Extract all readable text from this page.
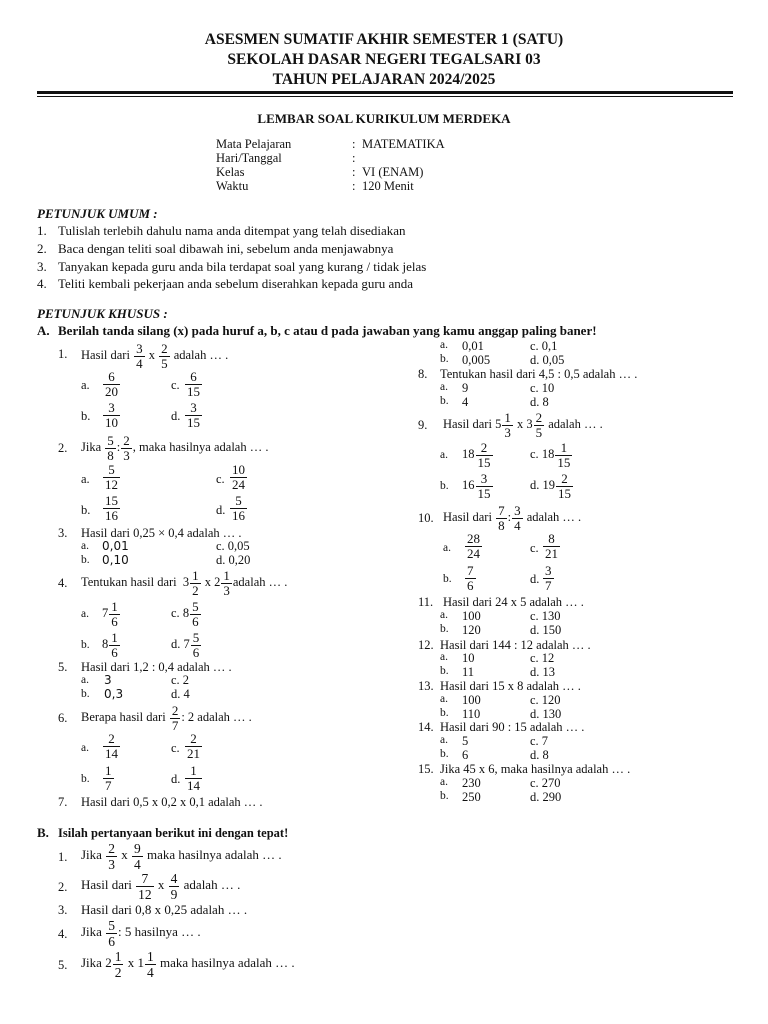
ASESMEN SUMATIF AKHIR SEMESTER 1 (SATU)
SEKOLAH DASAR NEGERI TEGALSARI 03
TAHUN PELAJARAN 2024/2025
LEMBAR SOAL KURIKULUM MERDEKA
Mata Pelajaran	: MATEMATIKA
Hari/Tanggal	:
Kelas	: VI (ENAM)
Waktu	: 120 Menit
PETUNJUK UMUM :
1. Tulislah terlebih dahulu nama anda ditempat yang telah disediakan
2. Baca dengan teliti soal dibawah ini, sebelum anda menjawabnya
3. Tanyakan kepada guru anda bila terdapat soal yang kurang / tidak jelas
4. Teliti kembali pekerjaan anda sebelum diserahkan kepada guru anda
PETUNJUK KHUSUS :
A. Berilah tanda silang (x) pada huruf a, b, c atau d pada jawaban yang kamu anggap paling baner!
1. Hasil dari $\frac{3}{4}$ x $\frac{2}{5}$ adalah … .
a. $\frac{6}{20}$	c. $\frac{6}{15}$
b. $\frac{3}{10}$	d. $\frac{3}{15}$
2. Jika $\frac{5}{8}$ : $\frac{2}{3}$ , maka hasilnya adalah … .
a. $\frac{5}{12}$	c. $\frac{10}{24}$
b. $\frac{15}{16}$	d. $\frac{5}{16}$
3. Hasil dari 0,25 × 0,4 adalah … .
a. 0,01	c. 0,05
b. 0,10	d. 0,20
4. Tentukan hasil dari $3 \frac{1}{2}$ x $2 \frac{1}{3}$ adalah … .
a. $7 \frac{1}{6}$	c. $8 \frac{5}{6}$
b. $8 \frac{1}{6}$	d. $7 \frac{5}{6}$
5. Hasil dari 1,2 : 0,4 adalah … .
a. 3	c. 2
b. 0,3	d. 4
6. Berapa hasil dari $\frac{2}{7}$ : 2 adalah … .
a. $\frac{2}{14}$	c. $\frac{2}{21}$
b. $\frac{1}{7}$	d. $\frac{1}{14}$
7. Hasil dari 0,5 x 0,2 x 0,1 adalah … .
a. 0,01	c. 0,1
b. 0,005	d. 0,05
8. Tentukan hasil dari 4,5 : 0,5 adalah … .
a. 9	c. 10
b. 4	d. 8
9. Hasil dari $5 \frac{1}{3}$ x $3 \frac{2}{5}$ adalah … .
a. $18 \frac{2}{15}$	c. $18 \frac{1}{15}$
b. $16 \frac{3}{15}$	d. $19 \frac{2}{15}$
10. Hasil dari $\frac{7}{8}$ : $\frac{3}{4}$ adalah … .
a. $\frac{28}{24}$	c. $\frac{8}{21}$
b. $\frac{7}{6}$	d. $\frac{3}{7}$
11. Hasil dari 24 x 5 adalah … .
a. 100	c. 130
b. 120	d. 150
12. Hasil dari 144 : 12 adalah … .
a. 10	c. 12
b. 11	d. 13
13. Hasil dari 15 x 8 adalah … .
a. 100	c. 120
b. 110	d. 130
14. Hasil dari 90 : 15 adalah … .
a. 5	c. 7
b. 6	d. 8
15. Jika 45 x 6, maka hasilnya adalah … .
a. 230	c. 270
b. 250	d. 290
B. Isilah pertanyaan berikut ini dengan tepat!
1. Jika $\frac{2}{3}$ x $\frac{9}{4}$ maka hasilnya adalah … .
2. Hasil dari $\frac{7}{12}$ x $\frac{4}{9}$ adalah … .
3. Hasil dari 0,8 x 0,25 adalah … .
4. Jika $\frac{5}{6}$ : 5 hasilnya … .
5. Jika $2 \frac{1}{2}$ x $1 \frac{1}{4}$ maka hasilnya adalah … .
